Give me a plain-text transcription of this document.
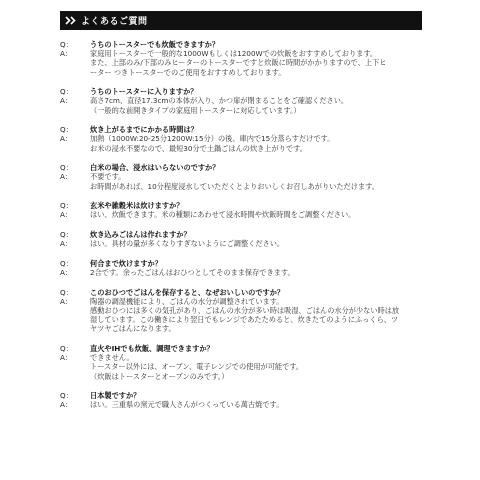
よくあるご質問
Q：	うちのトースターでも炊飯できますか？
A：	家庭用トースターで一般的な1000Wもしくは1200Wでの炊飯をおすすめしております。
また、上部のみ/下部のみヒーターのトースターですと炊飯に時間がかかりますので、上下ヒ
ーター つきトースターでのご使用をおすすめしております。
Q：	うちのトースターに入りますか？
A：	高さ7cm、直径17.3cmの本体が入り、かつ扉が閉まることをご確認ください。
（一般的な前開きタイプの家庭用トースターに対応しています。）
Q：	炊き上がるまでにかかる時間は？
A：	加熱（1000W:20-25分1200W:15分）の後、庫内で15分蒸らすだけです。
お米の浸水不要なので、最短30分で土鍋ごはんの炊き上がりです。
Q：	白米の場合、浸水はいらないのですか？
A：	不要です。
お時間があれば、10分程度浸水していただくとよりおいしくお召しあがりいただけます。
Q：	玄米や雑穀米は炊けますか？
A：	はい、炊飯できます。米の種類にあわせて浸水時間や炊飯時間をご調整ください。
Q：	炊き込みごはんは作れますか？
A：	はい。具材の量が多くなりすぎないようにご調整ください。
Q：	何合まで炊けますか？
A：	2合です。余ったごはんはおひつとしてそのまま保存できます。
Q：	このおひつでごはんを保存すると、なぜおいしいのですか？
A：	陶器の調湿機能により、ごはんの水分が調整されています。
感動おひつには多くの気孔があり、ごはんの水分が多い時は吸湿、ごはんの水分が少ない時は放
湿しています。この働きにより翌日でもレンジであたためると、炊きたてのようにふっくら、ツ
ヤツヤごはんになります。
Q：	直火やIHでも炊飯、調理できますか？
A：	できません。
トースター以外には、オーブン、電子レンジでの使用が可能です。
（炊飯はトースターとオーブンのみです。）
Q：	日本製ですか？
A：	はい。三重県の窯元で職人さんがつくっている萬古焼です。
